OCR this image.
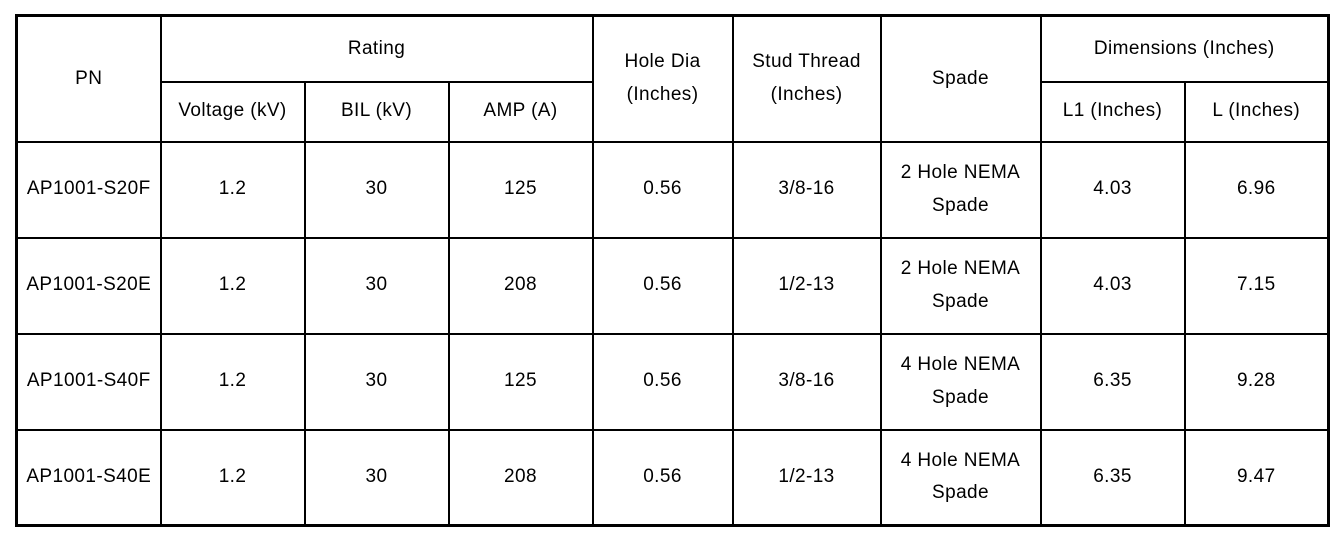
PN	Rating			Hole Dia (Inches)	Stud Thread (Inches)	Spade	Dimensions (Inches)	
	Voltage (kV)	BIL (kV)	AMP (A)				L1 (Inches)	L (Inches)
AP1001-S20F	1.2	30	125	0.56	3/8-16	2 Hole NEMA Spade	4.03	6.96
AP1001-S20E	1.2	30	208	0.56	1/2-13	2 Hole NEMA Spade	4.03	7.15
AP1001-S40F	1.2	30	125	0.56	3/8-16	4 Hole NEMA Spade	6.35	9.28
AP1001-S40E	1.2	30	208	0.56	1/2-13	4 Hole NEMA Spade	6.35	9.47
